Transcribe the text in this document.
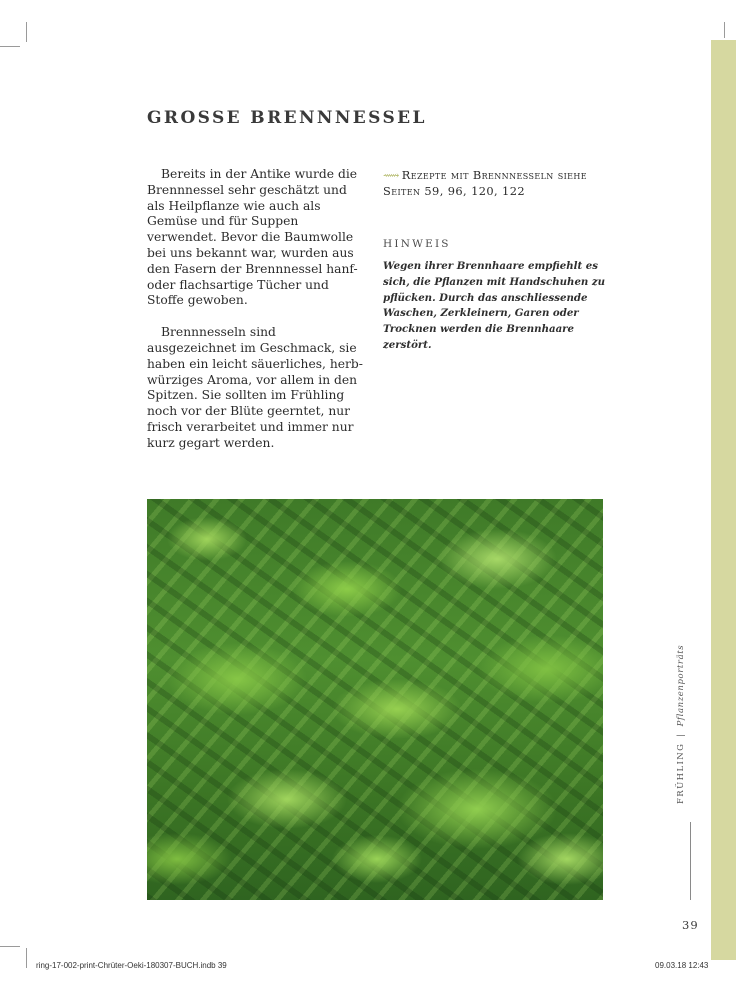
GROSSE BRENNNESSEL

Bereits in der Antike wurde die Brennnessel sehr geschätzt und als Heilpflanze wie auch als Gemüse und für Suppen verwendet. Bevor die Baumwolle bei uns bekannt war, wurden aus den Fasern der Brennnessel hanf- oder flachsartige Tücher und Stoffe gewoben.

Brennnesseln sind ausgezeichnet im Geschmack, sie haben ein leicht säuerliches, herb-würziges Aroma, vor allem in den Spitzen. Sie sollten im Frühling noch vor der Blüte geerntet, nur frisch verarbeitet und immer nur kurz gegart werden.

⟿ Rezepte mit Brennnesseln siehe Seiten 59, 96, 120, 122
HINWEIS
Wegen ihrer Brennhaare empfiehlt es sich, die Pflanzen mit Handschuhen zu pflücken. Durch das anschliessende Waschen, Zerkleinern, Garen oder Trocknen werden die Brennhaare zerstört.
FRÜHLING|Pflanzenporträts
39
ring-17-002-print-Chrüter-Oeki-180307-BUCH.indb 39	09.03.18 12:43
